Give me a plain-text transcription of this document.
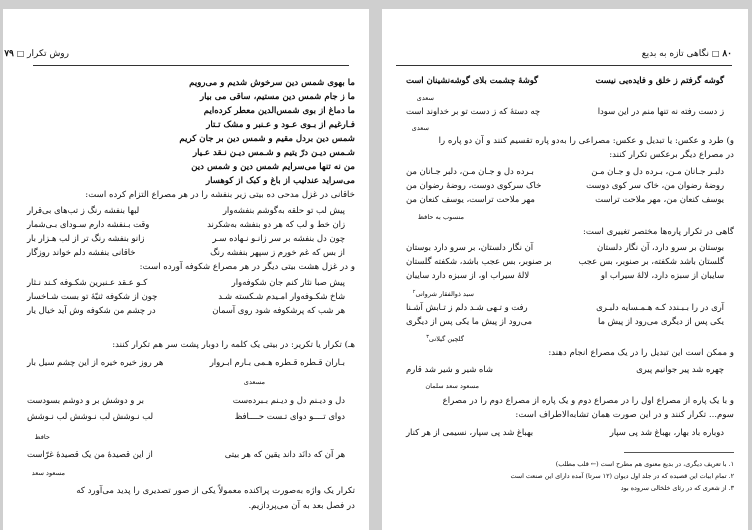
روش تکرار □ ۷۹
ما بهوی شمس دین سرخوش شدیم و می‌رویم
ما ز جام شمس دین مستیم، ساقی می بیار
ما دماغ از بوی شمس‌الدین معطر کرده‌ایم
فـارغیم از بـوی عـود و عـنبر و مشک تـتار
شمس دین بردل مقیم و شمس دین بر جان کریم
شـمس دیـن درّ یتیم و شـمس دیـن نـقد عـیار
من نه تنها می‌سرایم شمس دین و شمس دین
می‌سراید عندلیب از باغ و کبک از کوهسار
خاقانی در غزل مدحی ده بیتی زیر بنفشه را در هر مصراع التزام کرده است:
پیش لب تو حلقه به‌گوشم بنفشه‌وار
لبها بنفشه رنگ ز تب‌های بی‌قرار
زان خط و لب که هر دو بنفشه به‌شکرند
وقت بـنفشه دارم سـودای بـی‌شمار
چون دل بنفشه بر سر زانـو نـهاده سـر
زانو بنفشه رنگ تر از لب هـزار بار
از بس که غم خورم ز سپهر بنفشه رنگ
خاقانی بنفشه دلم خواند روزگار
و در غزل هشت بیتی دیگر در هر مصراع شکوفه آورده است:
پیش صبا نثار کنم جان شکوفه‌وار
کـو عـقد عـنبرین شکـوفه کـند نـثار
شاخ شکـوفه‌وار امـیدم شـکسته شـد
چون از شکوفه ثنیّهٔ تو بست شـاخسار
هر شب که پرشکوفه شود روی آسمان
در چشم من شکوفه وش آید خیال یار
هـ) تکرار یا تکریر: در بیتی یک کلمه را دوبار پشت سر هم تکرار کنند:
بـاران قـطره قـطره هـمی بـارم ابـروار
هر روز خیره خیره از این چشم سیل بار
مسعدی
دل و دیـنم دل و دیـنم بـبرده‌ست
بر و دوشش بر و دوشم بسودست
دوای تــــو دوای تـست حــــافظ
لب نـوشش لب نـوشش لب نـوشش
حافظ
هر آن که دانَد داند یقین که هر بیتی
از این قصیدهٔ من یک قصیدهٔ غرّاست
مسعود سعد
تکرار یک واژه به‌صورت پراکنده معمولاً یکی از صور تصدیری را پدید می‌آورد که
در فصل بعد به آن می‌پردازیم.
۸۰ □ نگاهی تازه به بدیع
گوشه گرفتم ز خلق و فایده‌یی نیست
گوشهٔ چشمت بلای گوشه‌نشینان است
سعدی
ز دست رفته نه تنها منم در این سودا
چه دستهٔ که ز دست تو بر خداوند است
سعدی
و) طرد و عکس: یا تبدیل و عکس: مصراعی را به‌دو پاره تقسیم کنند و آن دو پاره را
در مصراع دیگر برعکس تکرار کنند:
دلبـر جـانان مـن، بـرده دل و جـان مـن
بـرده دل و جـان مـن، دلبر جـانان من
روضهٔ رضوان من، خاک سر کوی دوست
خاک سرکوی دوست، روضهٔ رضوان من
یوسف کنعان من، مهر ملاحت تراست
مهر ملاحت تراست، یوسف کنعان من
منسوب به حافظ
گاهی در تکرار پاره‌ها مختصر تغییری است:
بوستان بر سرو دارد، آن نگار دلستان
آن نگار دلستان، بر سرو دارد بوستان
گلستان باشد شکفته، بر صنوبر، بس عجب
بر صنوبر، بس عجب باشد، شکفته گلستان
سایبان از سبزه دارد، لالهٔ سیراب او
لالهٔ سیراب او، از سبزه دارد سایبان
سید ذوالفقار شروانی$^۲$
آری در را بـبـندد کـه هـمـسایه دلبـری
رفت و تـهی شـد دلم ز تـابش آشـنا
یکی پس از دیگری می‌رود از پیش ما
می‌رود از پیش ما یکی پس از دیگری
گلچین گیلانی$^۳$
و ممکن است این تبدیل را در یک مصراع انجام دهند:
چهره شد پیر جوانیم پیری
شاه شیر و شیر شد قارم
مسعود سعد سلمان
و با یک پاره از مصراع اول را در مصراع دوم و یک پاره از مصراع دوم را در مصراع
سوم... تکرار کنند و در این صورت همان تشابه‌الاطراف است:
دوباره باد بهار، بهباغ شد پی سپار
بهباغ شد پی سپار، نسیمی از هر کنار
۱. با تعریف دیگری، در بدیع معنوی هم مطرح است (← قلب مطلب)
۲. تمام ابیات این قصیده که در جلد اول دیوان (۱۲ سرتا) آمده دارای این صنعت است
۳. از شعری که در رثای خلخالی سروده بود
